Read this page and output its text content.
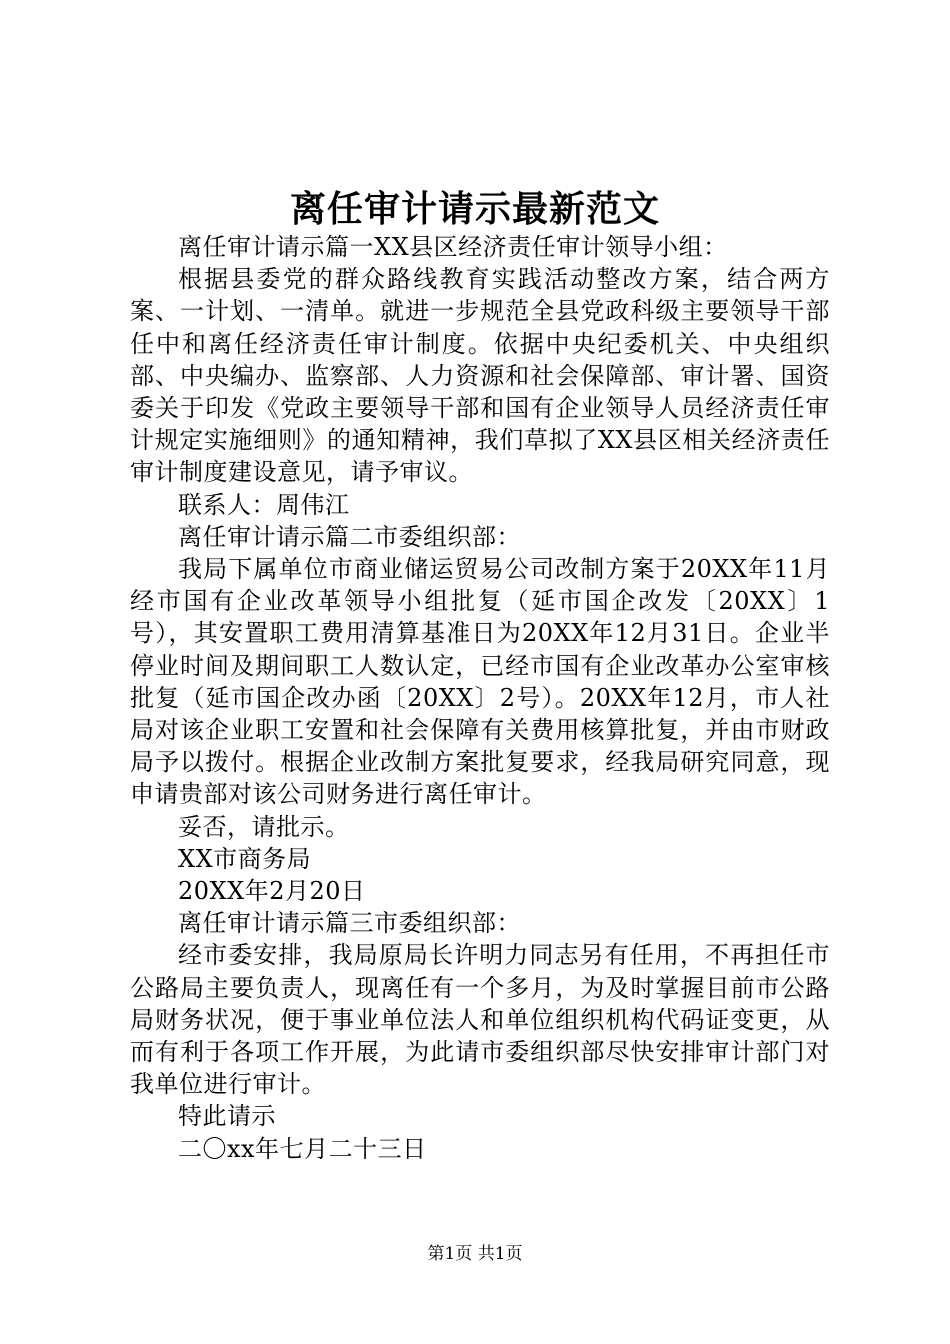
离任审计请示最新范文

离任审计请示篇一XX县区经济责任审计领导小组：

根据县委党的群众路线教育实践活动整改方案，结合两方案、一计划、一清单。就进一步规范全县党政科级主要领导干部任中和离任经济责任审计制度。依据中央纪委机关、中央组织部、中央编办、监察部、人力资源和社会保障部、审计署、国资委关于印发《党政主要领导干部和国有企业领导人员经济责任审计规定实施细则》的通知精神，我们草拟了XX县区相关经济责任审计制度建设意见，请予审议。

联系人：周伟江

离任审计请示篇二市委组织部：

我局下属单位市商业储运贸易公司改制方案于20XX年11月经市国有企业改革领导小组批复（延市国企改发〔20XX〕1号），其安置职工费用清算基准日为20XX年12月31日。企业半停业时间及期间职工人数认定，已经市国有企业改革办公室审核批复（延市国企改办函〔20XX〕2号）。20XX年12月，市人社局对该企业职工安置和社会保障有关费用核算批复，并由市财政局予以拨付。根据企业改制方案批复要求，经我局研究同意，现申请贵部对该公司财务进行离任审计。

妥否，请批示。

XX市商务局

20XX年2月20日

离任审计请示篇三市委组织部：

经市委安排，我局原局长许明力同志另有任用，不再担任市公路局主要负责人，现离任有一个多月，为及时掌握目前市公路局财务状况，便于事业单位法人和单位组织机构代码证变更，从而有利于各项工作开展，为此请市委组织部尽快安排审计部门对我单位进行审计。

特此请示

二〇xx年七月二十三日

第1页 共1页
